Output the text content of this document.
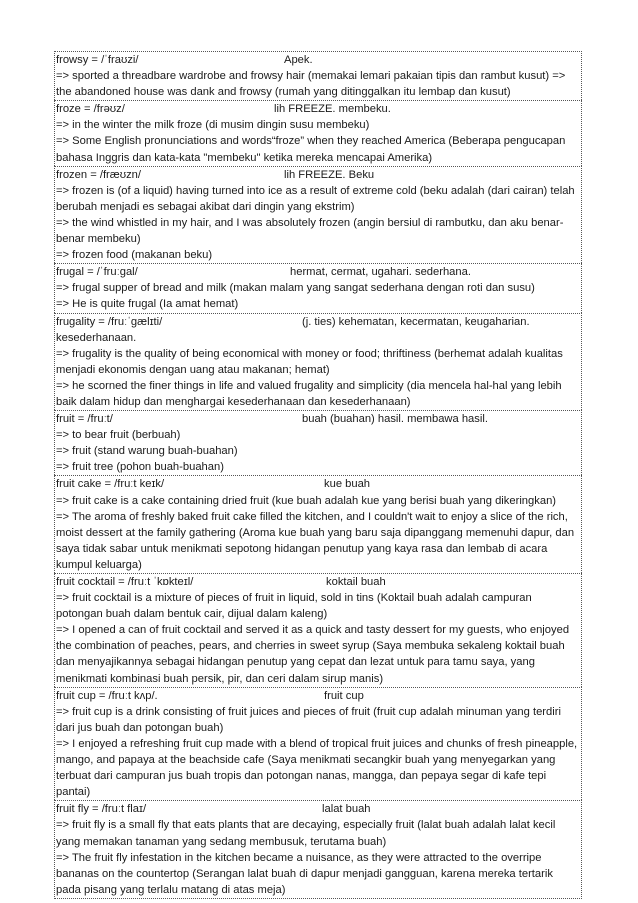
frowsy = /ˈfraʊzi/	Apek.
=> sported a threadbare wardrobe and frowsy hair (memakai lemari pakaian tipis dan rambut kusut) => the abandoned house was dank and frowsy (rumah yang ditinggalkan itu lembap dan kusut)
froze = /frəʊz/	lih FREEZE. membeku.
=> in the winter the milk froze (di musim dingin susu membeku)
=> Some English pronunciations and words“froze” when they reached America (Beberapa pengucapan bahasa Inggris dan kata-kata "membeku" ketika mereka mencapai Amerika)
frozen = /fræʊzn/	lih FREEZE. Beku
=> frozen is (of a liquid) having turned into ice as a result of extreme cold (beku adalah (dari cairan) telah berubah menjadi es sebagai akibat dari dingin yang ekstrim)
=> the wind whistled in my hair, and I was absolutely frozen (angin bersiul di rambutku, dan aku benar-benar membeku)
=> frozen food (makanan beku)
frugal = /ˈfruːgal/	hermat, cermat, ugahari. sederhana.
=> frugal supper of bread and milk (makan malam yang sangat sederhana dengan roti dan susu)
=> He is quite frugal (Ia amat hemat)
frugality = /fruːˈgælɪti/	(j. ties) kehematan, kecermatan, keugaharian.
kesederhanaan.
=> frugality is the quality of being economical with money or food; thriftiness (berhemat adalah kualitas menjadi ekonomis dengan uang atau makanan; hemat)
=> he scorned the finer things in life and valued frugality and simplicity (dia mencela hal-hal yang lebih baik dalam hidup dan menghargai kesederhanaan dan kesederhanaan)
fruit = /fruːt/	buah (buahan) hasil. membawa hasil.
=> to bear fruit (berbuah)
=> fruit (stand warung buah-buahan)
=> fruit tree (pohon buah-buahan)
fruit cake = /fruːt keɪk/	kue buah
=> fruit cake is a cake containing dried fruit (kue buah adalah kue yang berisi buah yang dikeringkan)
=> The aroma of freshly baked fruit cake filled the kitchen, and I couldn't wait to enjoy a slice of the rich, moist dessert at the family gathering (Aroma kue buah yang baru saja dipanggang memenuhi dapur, dan saya tidak sabar untuk menikmati sepotong hidangan penutup yang kaya rasa dan lembab di acara kumpul keluarga)
fruit cocktail = /fruːt ˈkɒkteɪl/	koktail buah
=> fruit cocktail is a mixture of pieces of fruit in liquid, sold in tins (Koktail buah adalah campuran potongan buah dalam bentuk cair, dijual dalam kaleng)
=> I opened a can of fruit cocktail and served it as a quick and tasty dessert for my guests, who enjoyed the combination of peaches, pears, and cherries in sweet syrup (Saya membuka sekaleng koktail buah dan menyajikannya sebagai hidangan penutup yang cepat dan lezat untuk para tamu saya, yang menikmati kombinasi buah persik, pir, dan ceri dalam sirup manis)
fruit cup = /fruːt kʌp/.	fruit cup
=> fruit cup is a drink consisting of fruit juices and pieces of fruit (fruit cup adalah minuman yang terdiri dari jus buah dan potongan buah)
=> I enjoyed a refreshing fruit cup made with a blend of tropical fruit juices and chunks of fresh pineapple, mango, and papaya at the beachside cafe (Saya menikmati secangkir buah yang menyegarkan yang terbuat dari campuran jus buah tropis dan potongan nanas, mangga, dan pepaya segar di kafe tepi pantai)
fruit fly = /fruːt flaɪ/	lalat buah
=> fruit fly is a small fly that eats plants that are decaying, especially fruit (lalat buah adalah lalat kecil yang memakan tanaman yang sedang membusuk, terutama buah)
=> The fruit fly infestation in the kitchen became a nuisance, as they were attracted to the overripe bananas on the countertop (Serangan lalat buah di dapur menjadi gangguan, karena mereka tertarik pada pisang yang terlalu matang di atas meja)
